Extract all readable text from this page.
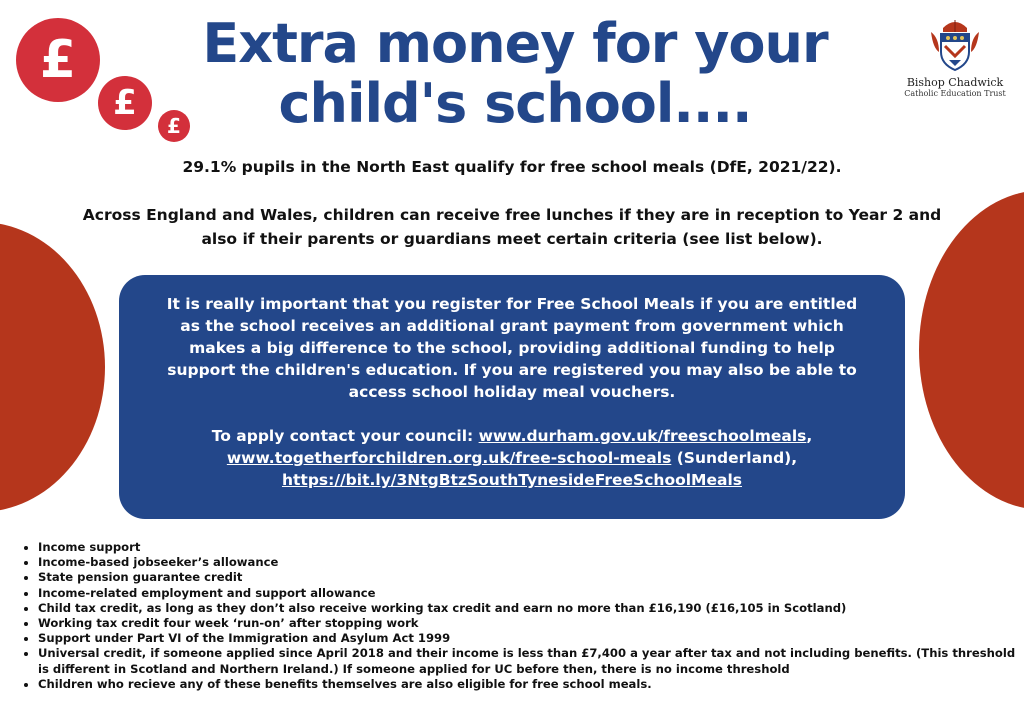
£
£
£
Extra money for your
child's school....	Bishop Chadwick
Catholic Education Trust

29.1% pupils in the North East qualify for free school meals (DfE, 2021/22).

Across England and Wales, children can receive free lunches if they are in reception to Year 2 and also if their parents or guardians meet certain criteria (see list below).

It is really important that you register for Free School Meals if you are entitled as the school receives an additional grant payment from government which makes a big difference to the school, providing additional funding to help support the children's education. If you are registered you may also be able to access school holiday meal vouchers.

To apply contact your council: www.durham.gov.uk/freeschoolmeals,
www.togetherforchildren.org.uk/free-school-meals (Sunderland),
https://bit.ly/3NtgBtzSouthTynesideFreeSchoolMeals

• Income support
• Income-based jobseeker’s allowance
• State pension guarantee credit
• Income-related employment and support allowance
• Child tax credit, as long as they don’t also receive working tax credit and earn no more than £16,190 (£16,105 in Scotland)
• Working tax credit four week ‘run-on’ after stopping work
• Support under Part VI of the Immigration and Asylum Act 1999
• Universal credit, if someone applied since April 2018 and their income is less than £7,400 a year after tax and not including benefits. (This threshold is different in Scotland and Northern Ireland.) If someone applied for UC before then, there is no income threshold
• Children who recieve any of these benefits themselves are also eligible for free school meals.
